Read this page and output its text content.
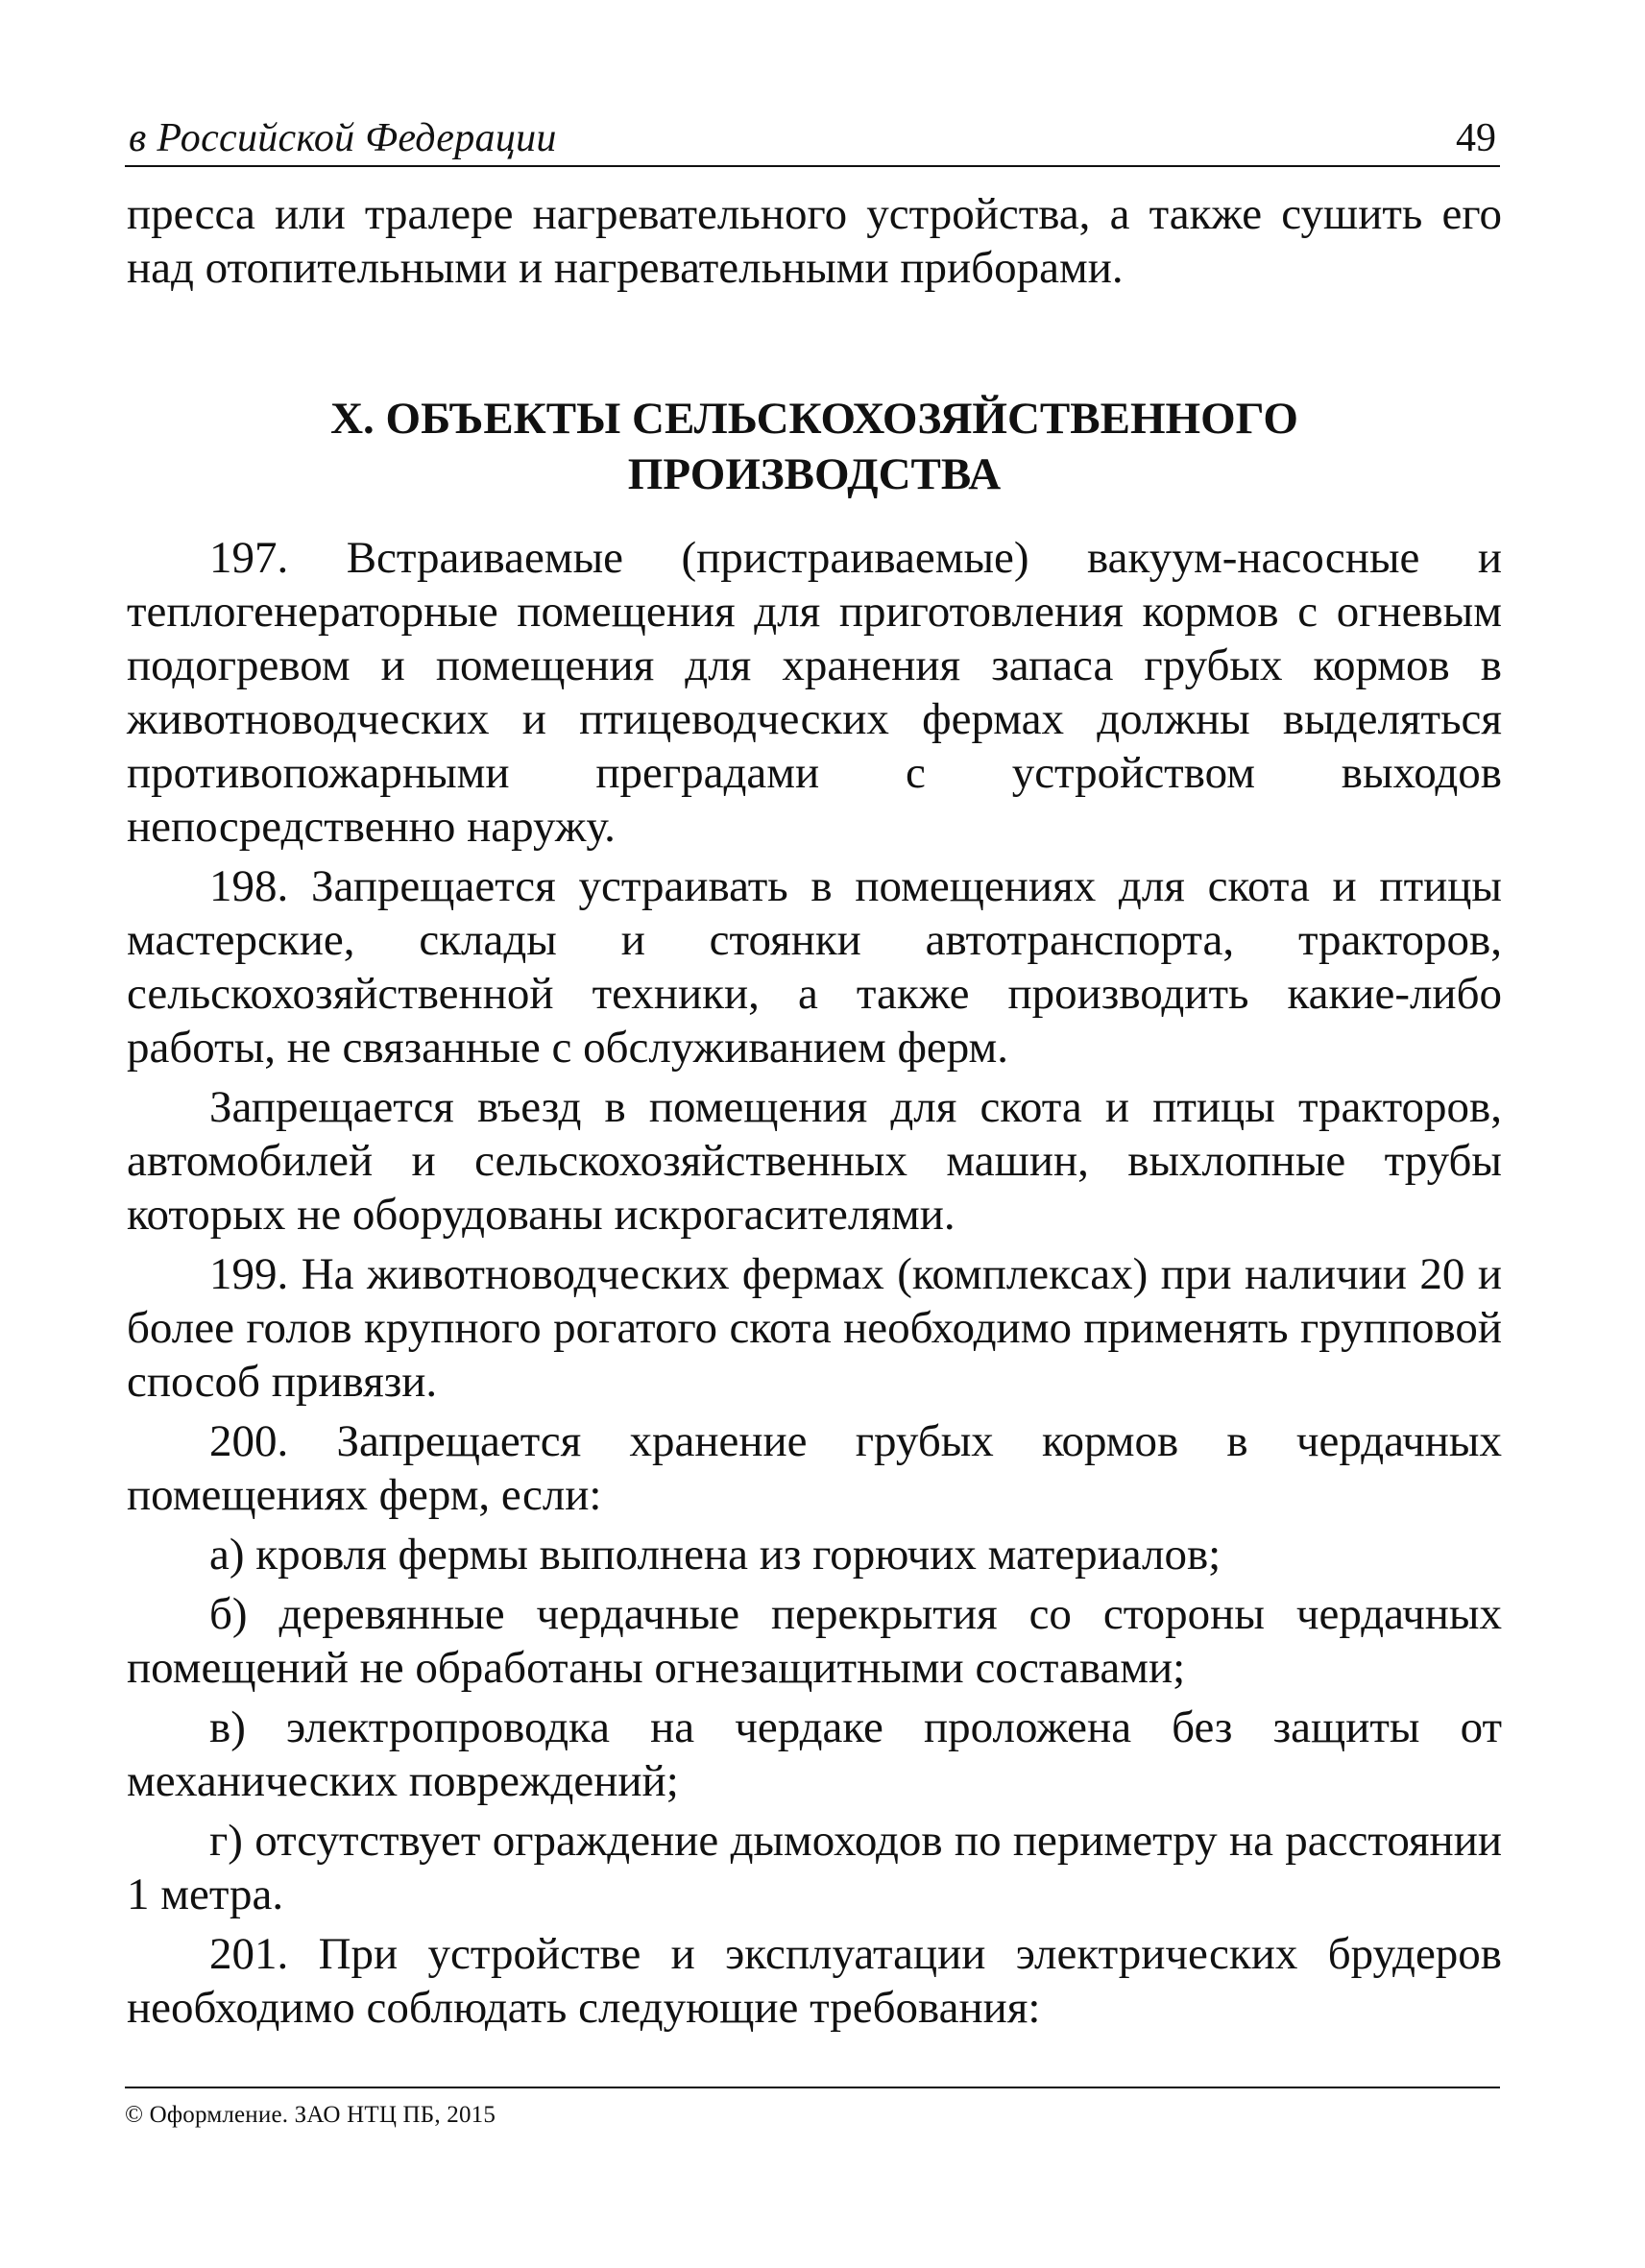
в Российской Федерации	49

пресса или тралере нагревательного устройства, а также сушить его над отопительными и нагревательными приборами.

X. ОБЪЕКТЫ СЕЛЬСКОХОЗЯЙСТВЕННОГО
ПРОИЗВОДСТВА

197. Встраиваемые (пристраиваемые) вакуум-насосные и теплогенераторные помещения для приготовления кормов с огневым подогревом и помещения для хранения запаса грубых кормов в животноводческих и птицеводческих фермах должны выделяться противопожарными преградами с устройством выходов непосредственно наружу.

198. Запрещается устраивать в помещениях для скота и птицы мастерские, склады и стоянки автотранспорта, тракторов, сельскохозяйственной техники, а также производить какие-либо работы, не связанные с обслуживанием ферм.

Запрещается въезд в помещения для скота и птицы тракторов, автомобилей и сельскохозяйственных машин, выхлопные трубы которых не оборудованы искрогасителями.

199. На животноводческих фермах (комплексах) при наличии 20 и более голов крупного рогатого скота необходимо применять групповой способ привязи.

200. Запрещается хранение грубых кормов в чердачных помещениях ферм, если:

а) кровля фермы выполнена из горючих материалов;

б) деревянные чердачные перекрытия со стороны чердачных помещений не обработаны огнезащитными составами;

в) электропроводка на чердаке проложена без защиты от механических повреждений;

г) отсутствует ограждение дымоходов по периметру на расстоянии 1 метра.

201. При устройстве и эксплуатации электрических брудеров необходимо соблюдать следующие требования:

© Оформление. ЗАО НТЦ ПБ, 2015
